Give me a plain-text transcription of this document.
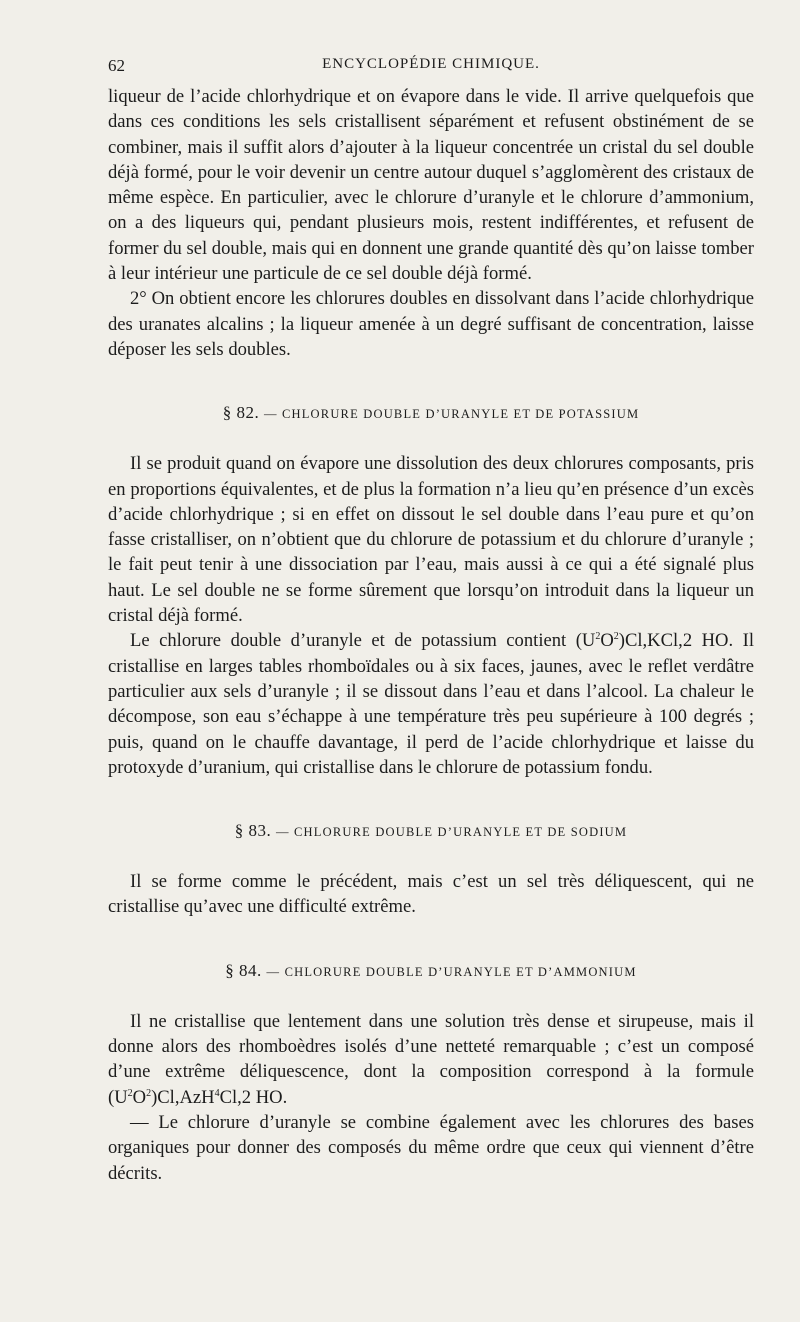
62	ENCYCLOPÉDIE CHIMIQUE.

liqueur de l’acide chlorhydrique et on évapore dans le vide. Il arrive quelquefois que dans ces conditions les sels cristallisent séparément et refusent obstinément de se combiner, mais il suffit alors d’ajouter à la liqueur concentrée un cristal du sel double déjà formé, pour le voir devenir un centre autour duquel s’agglomèrent des cristaux de même espèce. En particulier, avec le chlorure d’uranyle et le chlorure d’ammonium, on a des liqueurs qui, pendant plusieurs mois, restent indifférentes, et refusent de former du sel double, mais qui en donnent une grande quantité dès qu’on laisse tomber à leur intérieur une particule de ce sel double déjà formé.

2° On obtient encore les chlorures doubles en dissolvant dans l’acide chlorhydrique des uranates alcalins ; la liqueur amenée à un degré suffisant de concentration, laisse déposer les sels doubles.

§ 82. — CHLORURE DOUBLE D’URANYLE ET DE POTASSIUM

Il se produit quand on évapore une dissolution des deux chlorures composants, pris en proportions équivalentes, et de plus la formation n’a lieu qu’en présence d’un excès d’acide chlorhydrique ; si en effet on dissout le sel double dans l’eau pure et qu’on fasse cristalliser, on n’obtient que du chlorure de potassium et du chlorure d’uranyle ; le fait peut tenir à une dissociation par l’eau, mais aussi à ce qui a été signalé plus haut. Le sel double ne se forme sûrement que lorsqu’on introduit dans la liqueur un cristal déjà formé.

Le chlorure double d’uranyle et de potassium contient $(U^2O^2)Cl,KCl,2$ HO. Il cristallise en larges tables rhomboïdales ou à six faces, jaunes, avec le reflet verdâtre particulier aux sels d’uranyle ; il se dissout dans l’eau et dans l’alcool. La chaleur le décompose, son eau s’échappe à une température très peu supérieure à 100 degrés ; puis, quand on le chauffe davantage, il perd de l’acide chlorhydrique et laisse du protoxyde d’uranium, qui cristallise dans le chlorure de potassium fondu.

§ 83. — CHLORURE DOUBLE D’URANYLE ET DE SODIUM

Il se forme comme le précédent, mais c’est un sel très déliquescent, qui ne cristallise qu’avec une difficulté extrême.

§ 84. — CHLORURE DOUBLE D’URANYLE ET D’AMMONIUM

Il ne cristallise que lentement dans une solution très dense et sirupeuse, mais il donne alors des rhomboèdres isolés d’une netteté remarquable ; c’est un composé d’une extrême déliquescence, dont la composition correspond à la formule $(U^2O^2)Cl,AzH^4Cl,2$ HO.

— Le chlorure d’uranyle se combine également avec les chlorures des bases organiques pour donner des composés du même ordre que ceux qui viennent d’être décrits.
